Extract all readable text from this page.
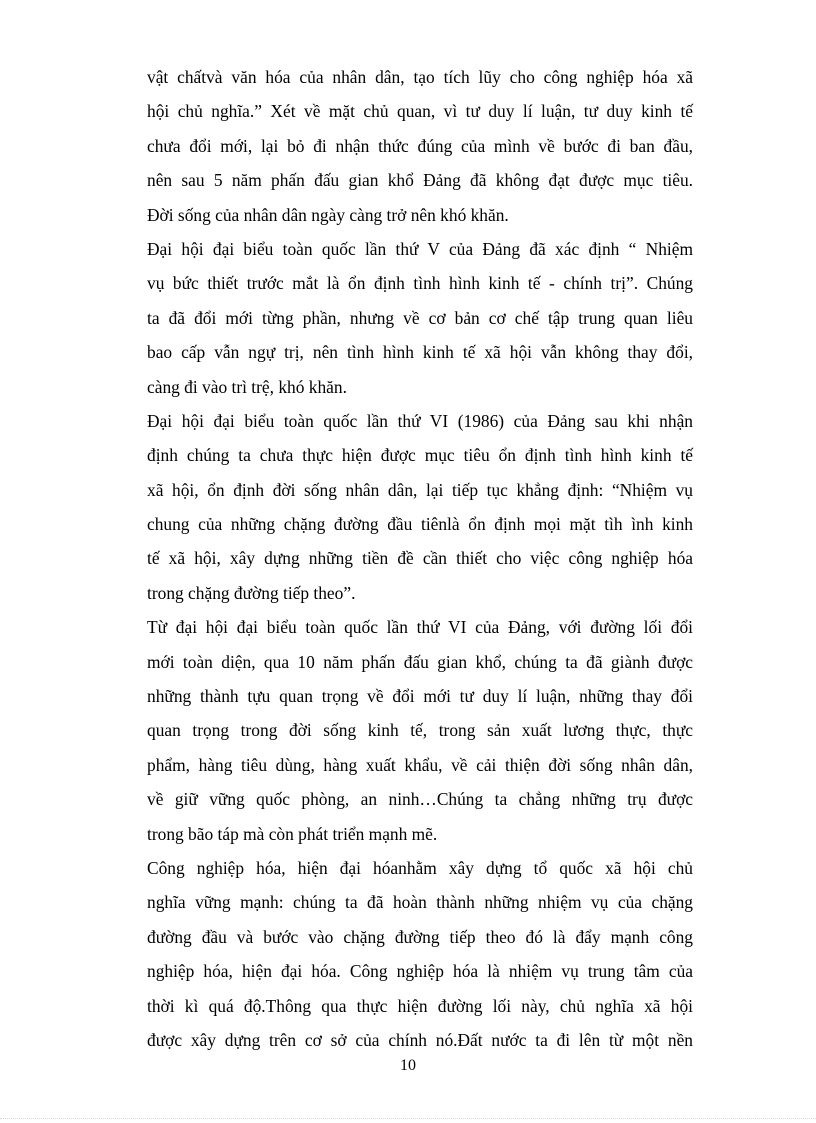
vật chấtvà văn hóa của nhân dân, tạo tích lũy cho công nghiệp hóa xã
hội chủ nghĩa.” Xét về mặt chủ quan, vì tư duy lí luận, tư duy kinh tế
chưa đổi mới, lại bỏ đi nhận thức đúng của mình về bước đi ban đầu,
nên sau 5 năm phấn đấu gian khổ Đảng đã không đạt được mục tiêu.
Đời sống của nhân dân ngày càng trở nên khó khăn.
Đại hội đại biểu toàn quốc lần thứ V của Đảng đã xác định “ Nhiệm
vụ bức thiết trước mắt là ổn định tình hình kinh tế - chính trị”. Chúng
ta đã đổi mới từng phần, nhưng về cơ bản cơ chế tập trung quan liêu
bao cấp vẫn ngự trị, nên tình hình kinh tế xã hội vẫn không thay đổi,
càng đi vào trì trệ, khó khăn.
Đại hội đại biểu toàn quốc lần thứ VI (1986) của Đảng sau khi nhận
định chúng ta chưa thực hiện được mục tiêu ổn định tình hình kinh tế
xã hội, ổn định đời sống nhân dân, lại tiếp tục khẳng định: “Nhiệm vụ
chung của những chặng đường đầu tiênlà ổn định mọi mặt tìh ình kinh
tế xã hội, xây dựng những tiền đề cần thiết cho việc công nghiệp hóa
trong chặng đường tiếp theo”.
Từ đại hội đại biểu toàn quốc lần thứ VI của Đảng, với đường lối đổi
mới toàn diện, qua 10 năm phấn đấu gian khổ, chúng ta đã giành được
những thành tựu quan trọng về đổi mới tư duy lí luận, những thay đổi
quan trọng trong đời sống kinh tế, trong sản xuất lương thực, thực
phẩm, hàng tiêu dùng, hàng xuất khẩu, về cải thiện đời sống nhân dân,
về giữ vững quốc phòng, an ninh…Chúng ta chẳng những trụ được
trong bão táp mà còn phát triển mạnh mẽ.
Công nghiệp hóa, hiện đại hóanhằm xây dựng tổ quốc xã hội chủ
nghĩa vững mạnh: chúng ta đã hoàn thành những nhiệm vụ của chặng
đường đầu và bước vào chặng đường tiếp theo đó là đẩy mạnh công
nghiệp hóa, hiện đại hóa. Công nghiệp hóa là nhiệm vụ trung tâm của
thời kì quá độ.Thông qua thực hiện đường lối này, chủ nghĩa xã hội
được xây dựng trên cơ sở của chính nó.Đất nước ta đi lên từ một nền
10
